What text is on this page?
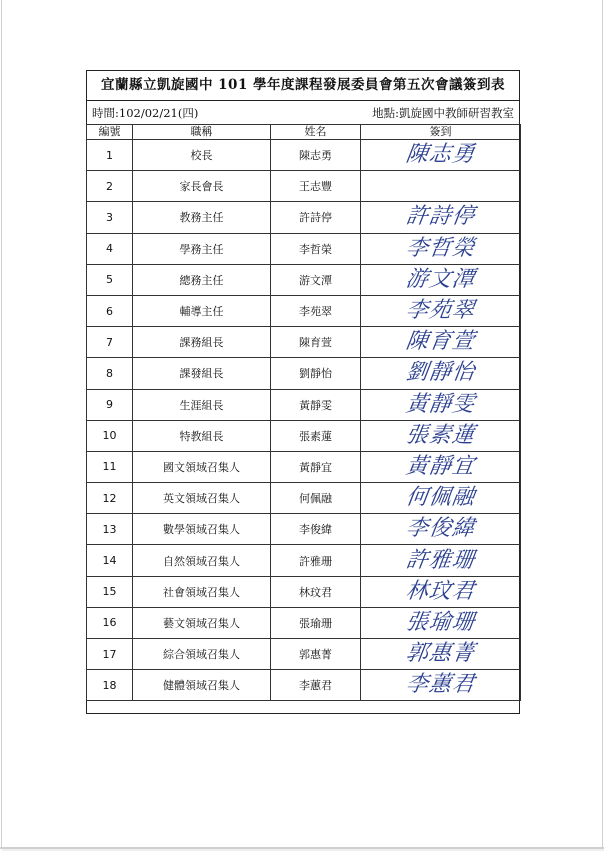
宜蘭縣立凱旋國中 101 學年度課程發展委員會第五次會議簽到表
時間:102/02/21(四)	地點:凱旋國中教師研習教室
編號	職稱	姓名	簽到
1	校長	陳志勇	陳志勇
2	家長會長	王志豐	
3	教務主任	許詩停	許詩停
4	學務主任	李哲榮	李哲榮
5	總務主任	游文潭	游文潭
6	輔導主任	李苑翠	李苑翠
7	課務組長	陳育萱	陳育萱
8	課發組長	劉靜怡	劉靜怡
9	生涯組長	黃靜雯	黃靜雯
10	特教組長	張素蓮	張素蓮
11	國文領域召集人	黃靜宜	黃靜宜
12	英文領域召集人	何佩融	何佩融
13	數學領域召集人	李俊緯	李俊緯
14	自然領域召集人	許雅珊	許雅珊
15	社會領域召集人	林玟君	林玟君
16	藝文領域召集人	張瑜珊	張瑜珊
17	綜合領域召集人	郭惠菁	郭惠菁
18	健體領域召集人	李蕙君	李蕙君
